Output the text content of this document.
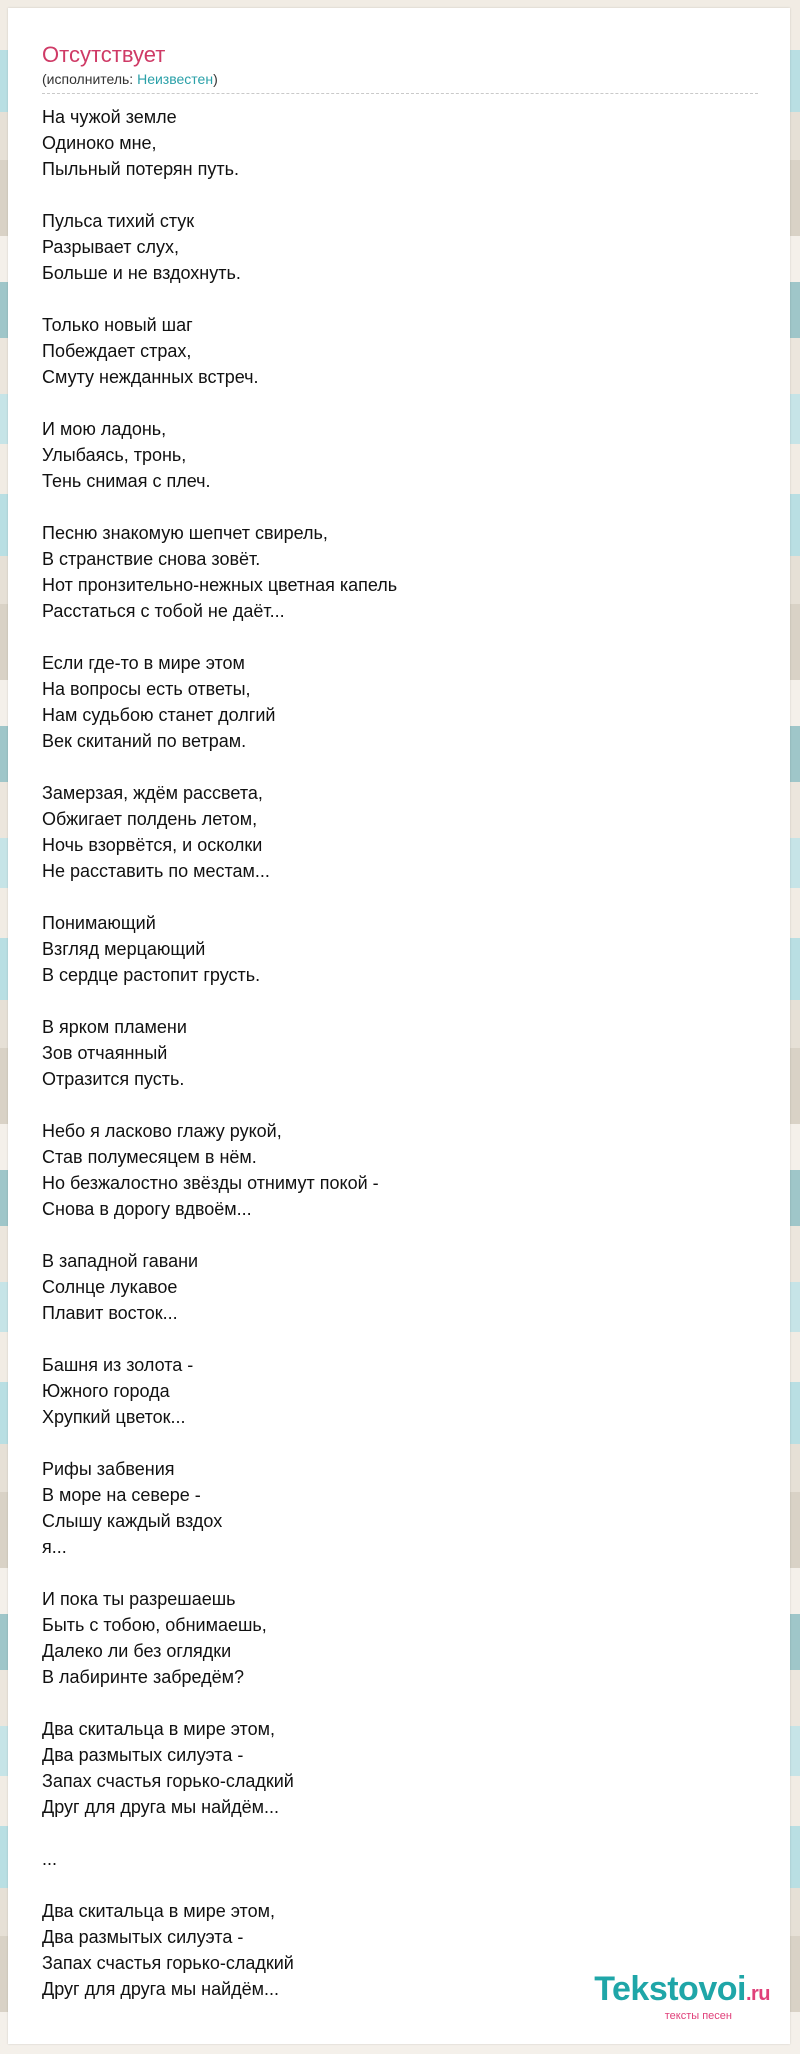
Отсутствует
(исполнитель: Неизвестен)
На чужой земле
Одиноко мне,
Пыльный потерян путь.
Пульса тихий стук
Разрывает слух,
Больше и не вздохнуть.
Только новый шаг
Побеждает страх,
Смуту нежданных встреч.
И мою ладонь,
Улыбаясь, тронь,
Тень снимая с плеч.
Песню знакомую шепчет свирель,
В странствие снова зовёт.
Нот пронзительно-нежных цветная капель
Расстаться с тобой не даёт...
Если где-то в мире этом
На вопросы есть ответы,
Нам судьбою станет долгий
Век скитаний по ветрам.
Замерзая, ждём рассвета,
Обжигает полдень летом,
Ночь взорвётся, и осколки
Не расставить по местам...
Понимающий
Взгляд мерцающий
В сердце растопит грусть.
В ярком пламени
Зов отчаянный
Отразится пусть.
Небо я ласково глажу рукой,
Став полумесяцем в нём.
Но безжалостно звёзды отнимут покой -
Снова в дорогу вдвоём...
В западной гавани
Солнце лукавое
Плавит восток...
Башня из золота -
Южного города
Хрупкий цветок...
Рифы забвения
В море на севере -
Слышу каждый вздох
я...
И пока ты разрешаешь
Быть с тобою, обнимаешь,
Далеко ли без оглядки
В лабиринте забредём?
Два скитальца в мире этом,
Два размытых силуэта -
Запах счастья горько-сладкий
Друг для друга мы найдём...
...
Два скитальца в мире этом,
Два размытых силуэта -
Запах счастья горько-сладкий
Друг для друга мы найдём...	Tekstovoi.ru
тексты песен
